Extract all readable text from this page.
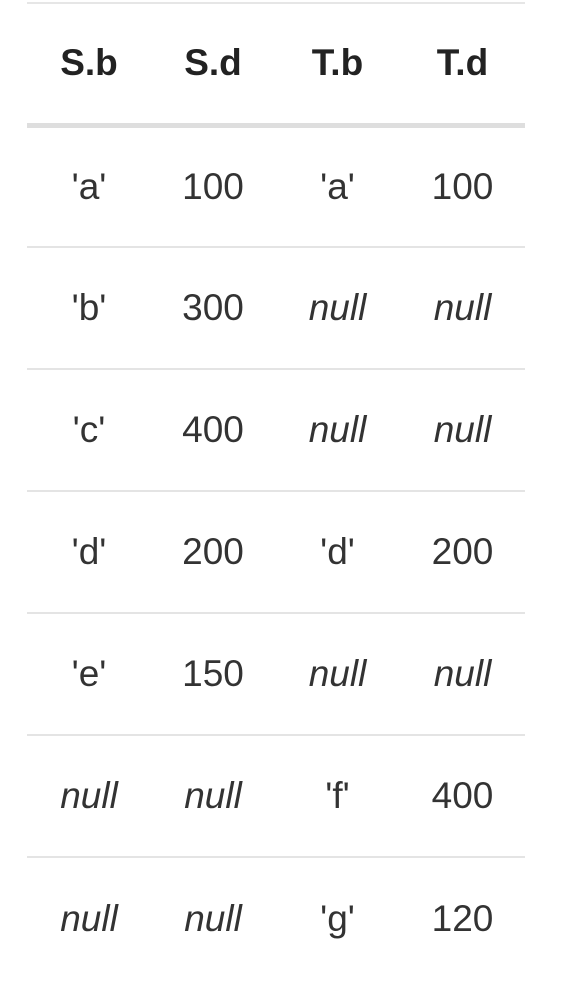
S.b	S.d	T.b	T.d
'a'	100	'a'	100
'b'	300	null	null
'c'	400	null	null
'd'	200	'd'	200
'e'	150	null	null
null	null	'f'	400
null	null	'g'	120
